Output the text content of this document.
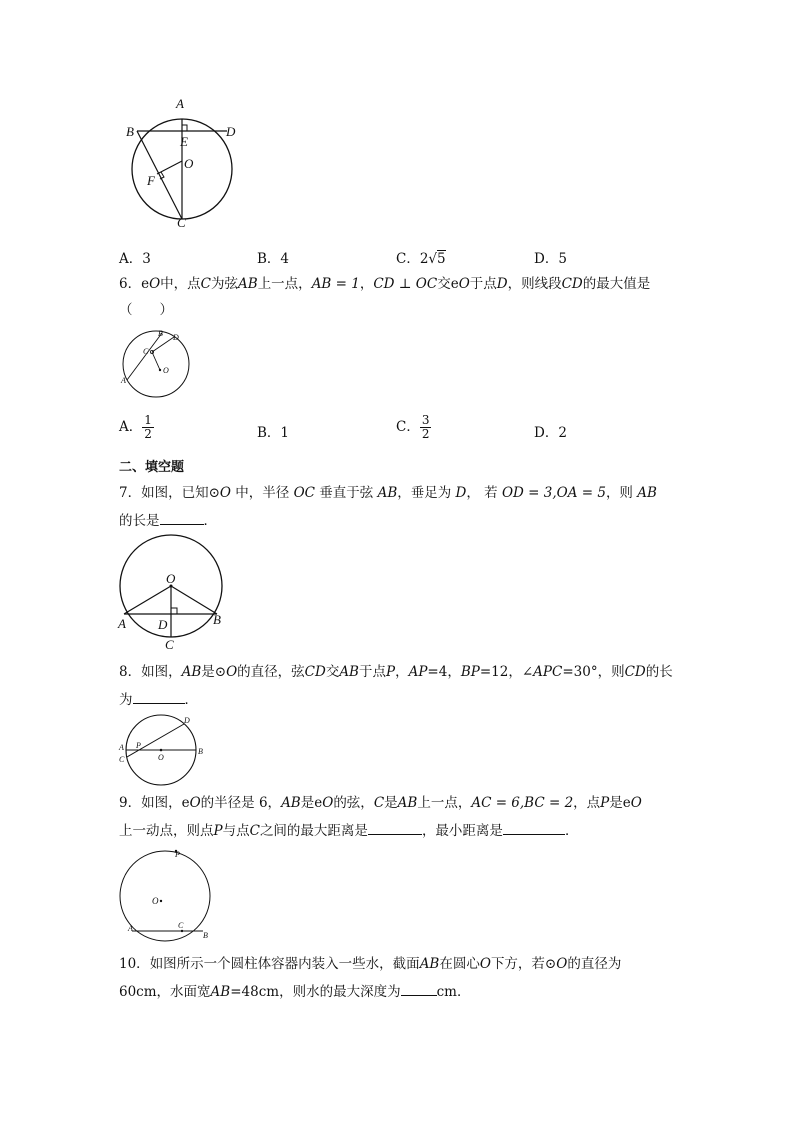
A
B	D
E
O
F
C
A．3	B．4	C．2√5	D．5
6．eO中，点C为弦AB上一点，AB = 1，CD ⊥ OC交eO于点D，则线段CD的最大值是
（　　）
B D
C
A
O
A． $\frac{1}{2}$	B．1	C． $\frac{3}{2}$	D．2
二、填空题
7．如图，已知⊙O 中，半径 OC 垂直于弦 AB，垂足为 D， 若 OD = 3,OA = 5，则 AB
的长是	．
O
A	B
D
C
8．如图，AB是⊙O的直径，弦CD交AB于点P，AP=4，BP=12，∠APC=30°，则CD的长
为	．
D
A P
C	O
B
9．如图，eO的半径是 6，AB是eO的弦，C是AB上一点，AC = 6,BC = 2，点P是eO
上一动点，则点P与点C之间的最大距离是	，最小距离是	．
P
O
A	C
B
10．如图所示一个圆柱体容器内装入一些水，截面AB在圆心O下方，若⊙O的直径为
60cm，水面宽AB=48cm，则水的最大深度为	cm．
